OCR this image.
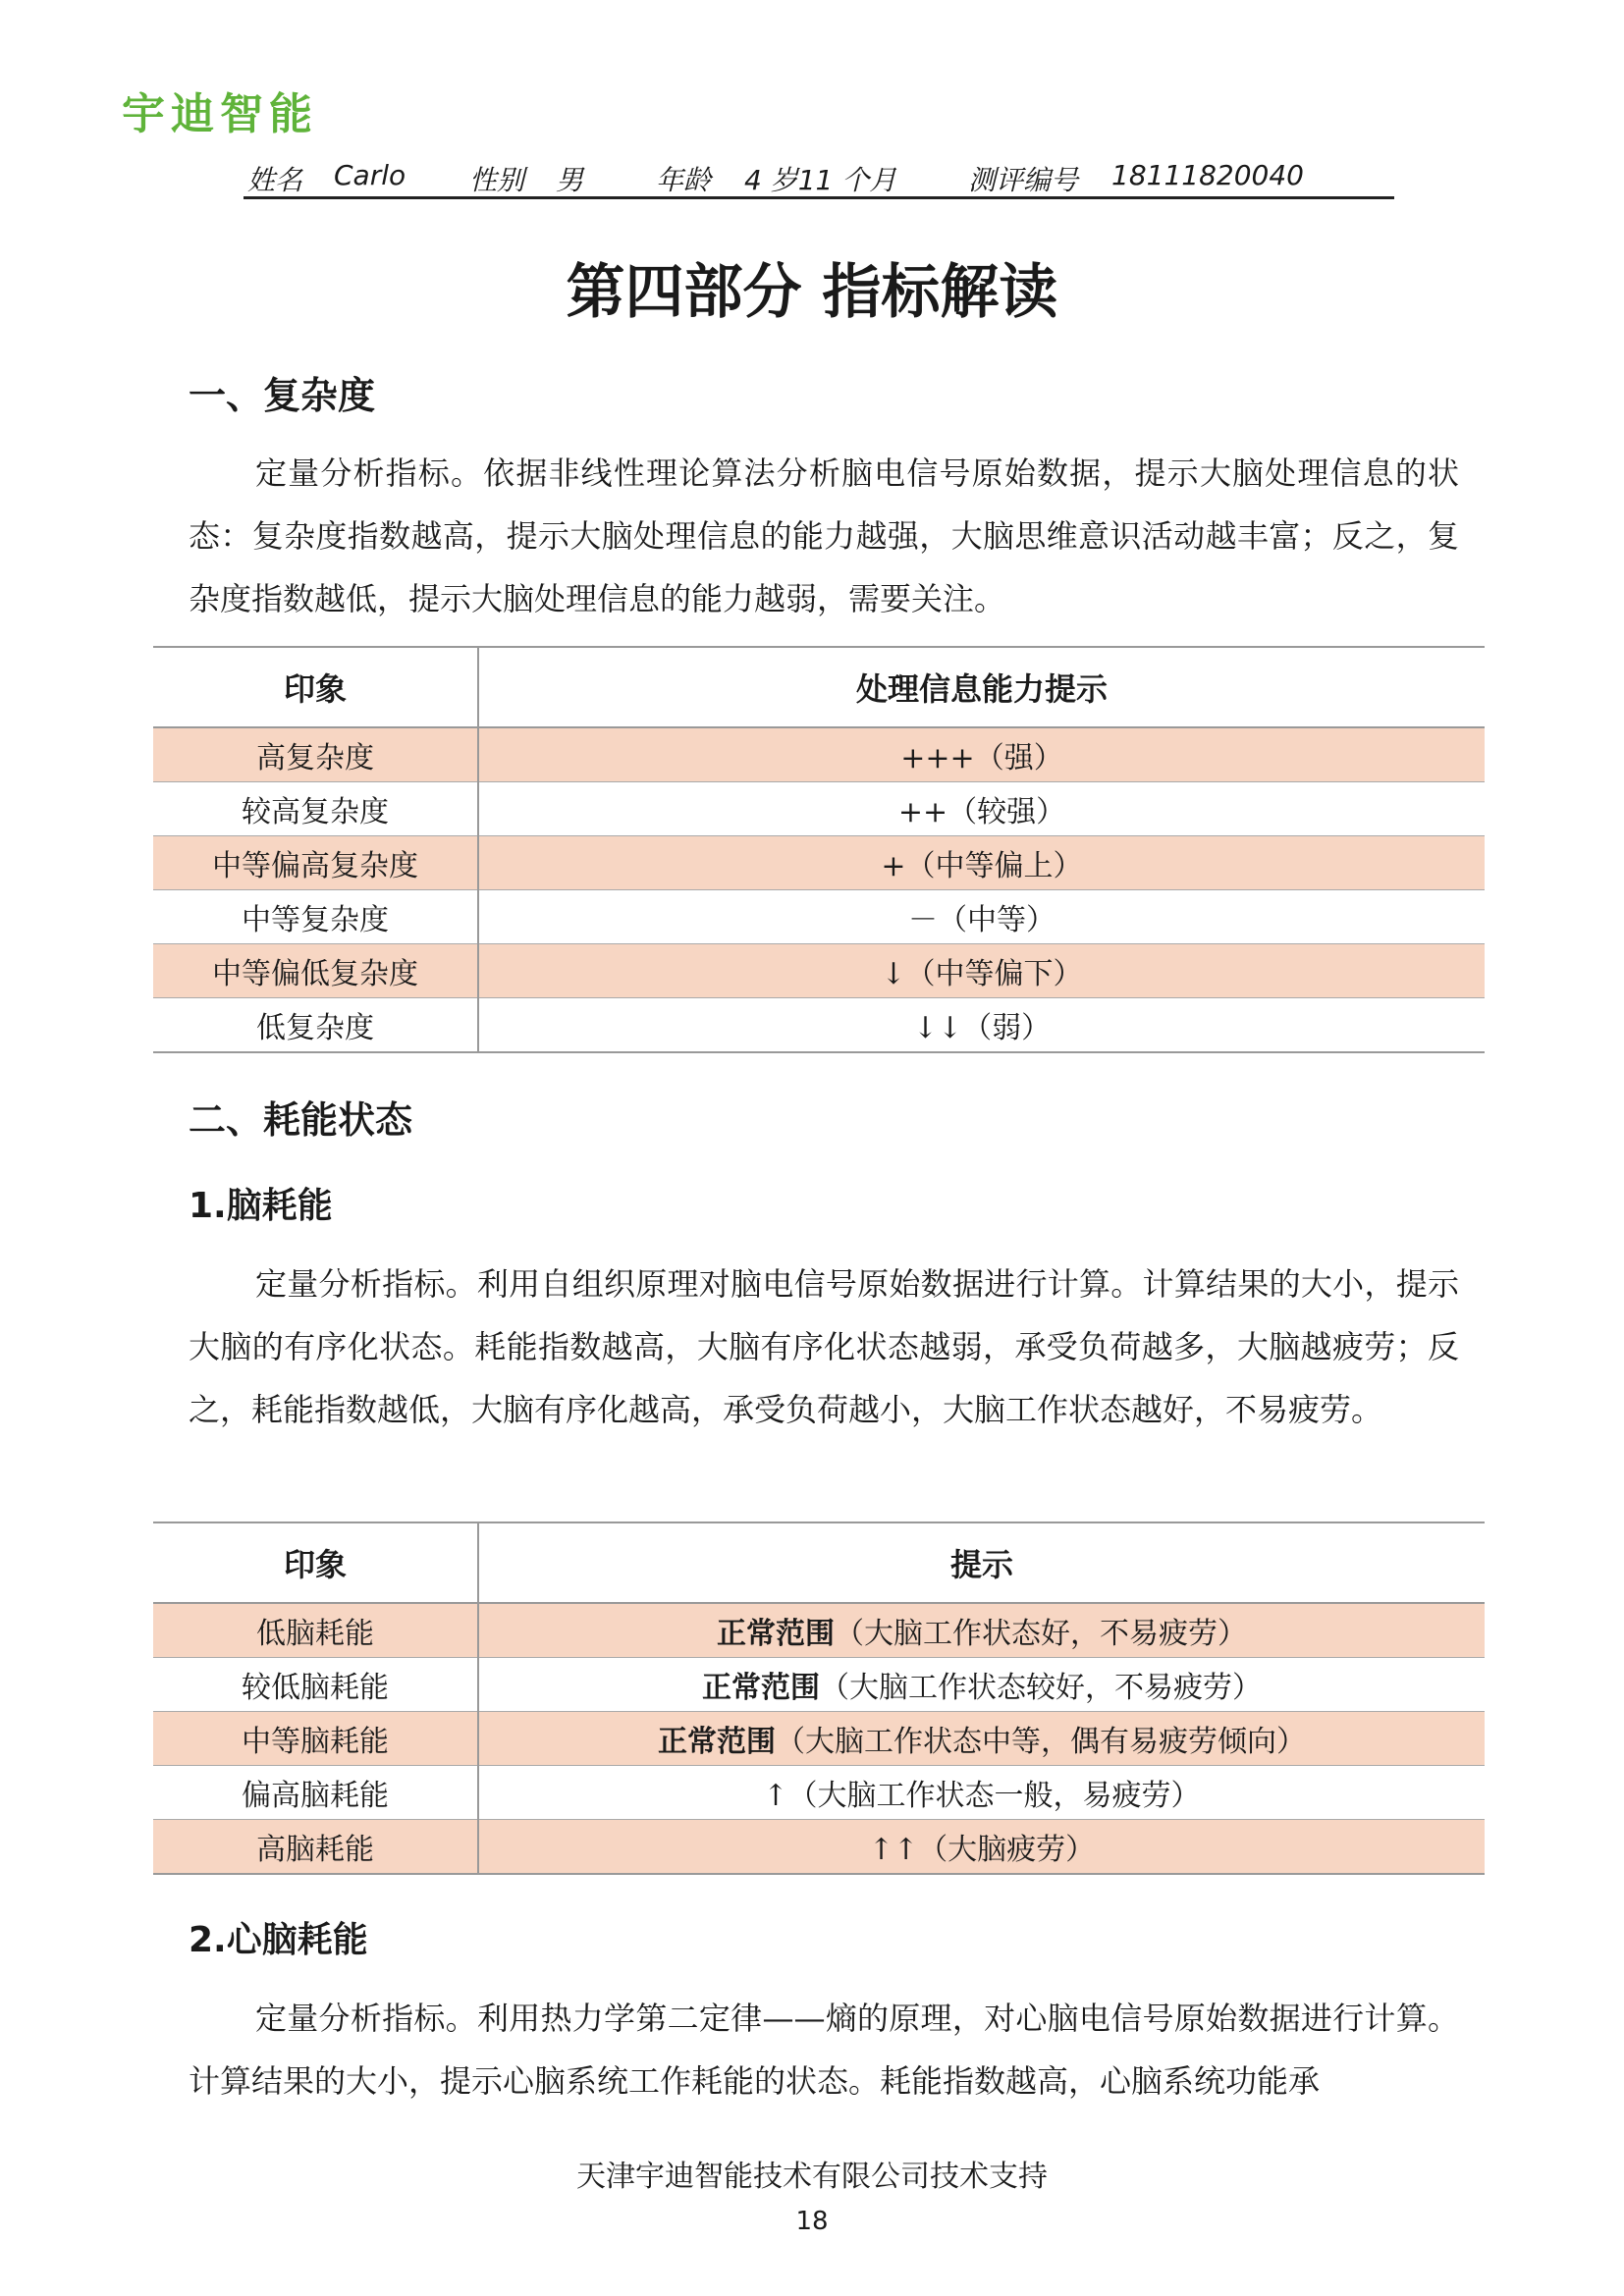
宇迪智能
姓名 Carlo 性别 男	年龄 4 岁11 个月	测评编号 18111820040
第四部分 指标解读
一、复杂度

定量分析指标。依据非线性理论算法分析脑电信号原始数据，提示大脑处理信息的状态：复杂度指数越高，提示大脑处理信息的能力越强，大脑思维意识活动越丰富；反之，复杂度指数越低，提示大脑处理信息的能力越弱，需要关注。

印象	处理信息能力提示
高复杂度	+++（强）
较高复杂度	++（较强）
中等偏高复杂度	+（中等偏上）
中等复杂度	－（中等）
中等偏低复杂度	↓（中等偏下）
低复杂度	↓↓（弱）
二、耗能状态
1.脑耗能

定量分析指标。利用自组织原理对脑电信号原始数据进行计算。计算结果的大小，提示大脑的有序化状态。耗能指数越高，大脑有序化状态越弱，承受负荷越多，大脑越疲劳；反之，耗能指数越低，大脑有序化越高，承受负荷越小，大脑工作状态越好，不易疲劳。

印象	提示
低脑耗能	正常范围（大脑工作状态好，不易疲劳）
较低脑耗能	正常范围（大脑工作状态较好，不易疲劳）
中等脑耗能	正常范围（大脑工作状态中等，偶有易疲劳倾向）
偏高脑耗能	↑（大脑工作状态一般，易疲劳）
高脑耗能	↑↑（大脑疲劳）
2.心脑耗能

定量分析指标。利用热力学第二定律——熵的原理，对心脑电信号原始数据进行计算。计算结果的大小，提示心脑系统工作耗能的状态。耗能指数越高，心脑系统功能承

天津宇迪智能技术有限公司技术支持
18
